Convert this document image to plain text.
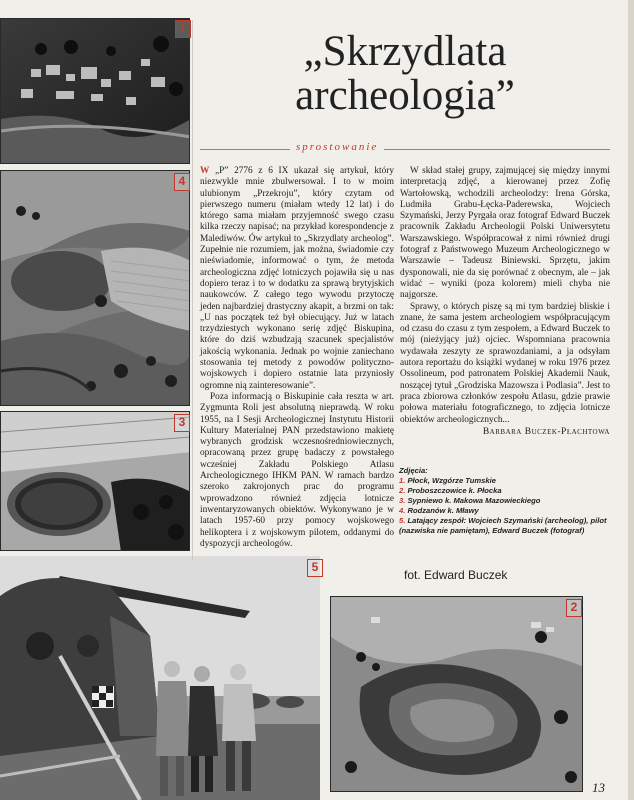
1
4
3
5
2
„Skrzydlata
archeologia”
sprostowanie

W „P” 2776 z 6 IX ukazał się artykuł, który niezwykle mnie zbulwersował. I to w moim ulubionym „Przekroju”, który czytam od pierwszego numeru (miałam wtedy 12 lat) i do którego sama miałam przyjemność swego czasu kilka rzeczy napisać; na przykład korespondencje z Malediwów. Ów artykuł to „Skrzydlaty archeolog”. Zupełnie nie rozumiem, jak można, świadomie czy nieświadomie, informować o tym, że metoda archeologiczna zdjęć lotniczych pojawiła się u nas dopiero teraz i to w dodatku za sprawą brytyjskich naukowców. Z całego tego wywodu przytoczę jeden najbardziej drastyczny akapit, a brzmi on tak: „U nas początek też był obiecujący. Już w latach trzydziestych wykonano serię zdjęć Biskupina, które do dziś wzbudzają szacunek specjalistów jakością wykonania. Jednak po wojnie zaniechano stosowania tej metody z powodów polityczno-wojskowych i dopiero ostatnie lata przyniosły ogromne nią zainteresowanie”.

Poza informacją o Biskupinie cała reszta w art. Zygmunta Roli jest absolutną nieprawdą. W roku 1955, na I Sesji Archeologicznej Instytutu Historii Kultury Materialnej PAN przedstawiono makietę wybranych grodzisk wczesnośredniowiecznych, opracowaną przez grupę badaczy z powstałego wcześniej Zakładu Polskiego Atlasu Archeologicznego IHKM PAN. W ramach bardzo szeroko zakrojonych prac do programu wprowadzono również zdjęcia lotnicze inwentaryzowanych obiektów. Wykonywano je w latach 1957-60 przy pomocy wojskowego helikoptera i z wojskowym pilotem, oddanymi do dyspozycji archeologów.

W skład stałej grupy, zajmującej się między innymi interpretacją zdjęć, a kierowanej przez Zofię Wartołowską, wchodzili archeolodzy: Irena Górska, Ludmiła Grabu-Łęcka-Paderewska, Wojciech Szymański, Jerzy Pyrgała oraz fotograf Edward Buczek pracownik Zakładu Archeologii Polski Uniwersytetu Warszawskiego. Współpracował z nimi również drugi fotograf z Państwowego Muzeum Archeologicznego w Warszawie – Tadeusz Biniewski. Sprzętu, jakim dysponowali, nie da się porównać z obecnym, ale – jak widać – wyniki (poza kolorem) mieli chyba nie najgorsze.

Sprawy, o których piszę są mi tym bardziej bliskie i znane, że sama jestem archeologiem współpracującym od czasu do czasu z tym zespołem, a Edward Buczek to mój (nieżyjący już) ojciec. Wspomniana pracownia wydawała zeszyty ze sprawozdaniami, a ja odsyłam autora reportażu do książki wydanej w roku 1976 przez Ossolineum, pod patronatem Polskiej Akademii Nauk, noszącej tytuł „Grodziska Mazowsza i Podlasia”. Jest to praca zbiorowa członków zespołu Atlasu, gdzie prawie połowa materiału fotograficznego, to zdjęcia lotnicze obiektów archeologicznych...

Barbara Buczek-Płachtowa
Zdjęcia:
1. Płock, Wzgórze Tumskie
2. Proboszczowice k. Płocka
3. Sypniewo k. Makowa Mazowieckiego
4. Rodzanów k. Mławy
5. Latający zespół: Wojciech Szymański (archeolog), pilot (nazwiska nie pamiętam), Edward Buczek (fotograf)
fot. Edward Buczek
13
